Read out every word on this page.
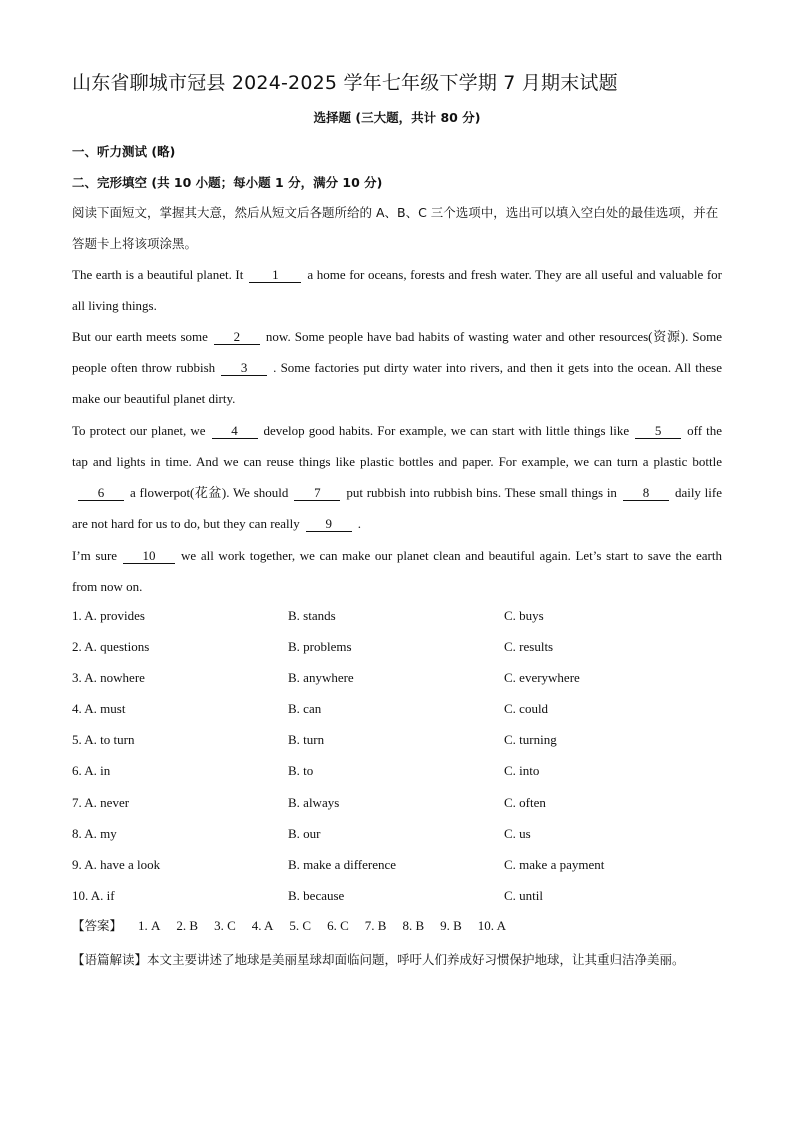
山东省聊城市冠县 2024-2025 学年七年级下学期 7 月期末试题
选择题 (三大题，共计 80 分)
一、听力测试 (略)
二、完形填空 (共 10 小题；每小题 1 分，满分 10 分)
阅读下面短文，掌握其大意，然后从短文后各题所给的 A、B、C 三个选项中，选出可以填入空白处的最佳选项，并在答题卡上将该项涂黑。
The earth is a beautiful planet. It 1 a home for oceans, forests and fresh water. They are all useful and valuable for all living things.
But our earth meets some 2 now. Some people have bad habits of wasting water and other resources(资源). Some people often throw rubbish 3 . Some factories put dirty water into rivers, and then it gets into the ocean. All these make our beautiful planet dirty.
To protect our planet, we 4 develop good habits. For example, we can start with little things like 5 off the tap and lights in time. And we can reuse things like plastic bottles and paper. For example, we can turn a plastic bottle6 a flowerpot(花盆). We should 7 put rubbish into rubbish bins. These small things in 8 daily life are not hard for us to do, but they can really 9 .
I’m sure 10 we all work together, we can make our planet clean and beautiful again. Let’s start to save the earth from now on.
1. A. provides	B. stands	C. buys
2. A. questions	B. problems	C. results
3. A. nowhere	B. anywhere	C. everywhere
4. A. must	B. can	C. could
5. A. to turn	B. turn	C. turning
6. A. in	B. to	C. into
7. A. never	B. always	C. often
8. A. my	B. our	C. us
9. A. have a look	B. make a difference	C. make a payment
10. A. if	B. because	C. until
【答案】 1. A 2. B 3. C 4. A 5. C 6. C 7. B 8. B 9. B 10. A
【语篇解读】本文主要讲述了地球是美丽星球却面临问题，呼吁人们养成好习惯保护地球，让其重归洁净美丽。
